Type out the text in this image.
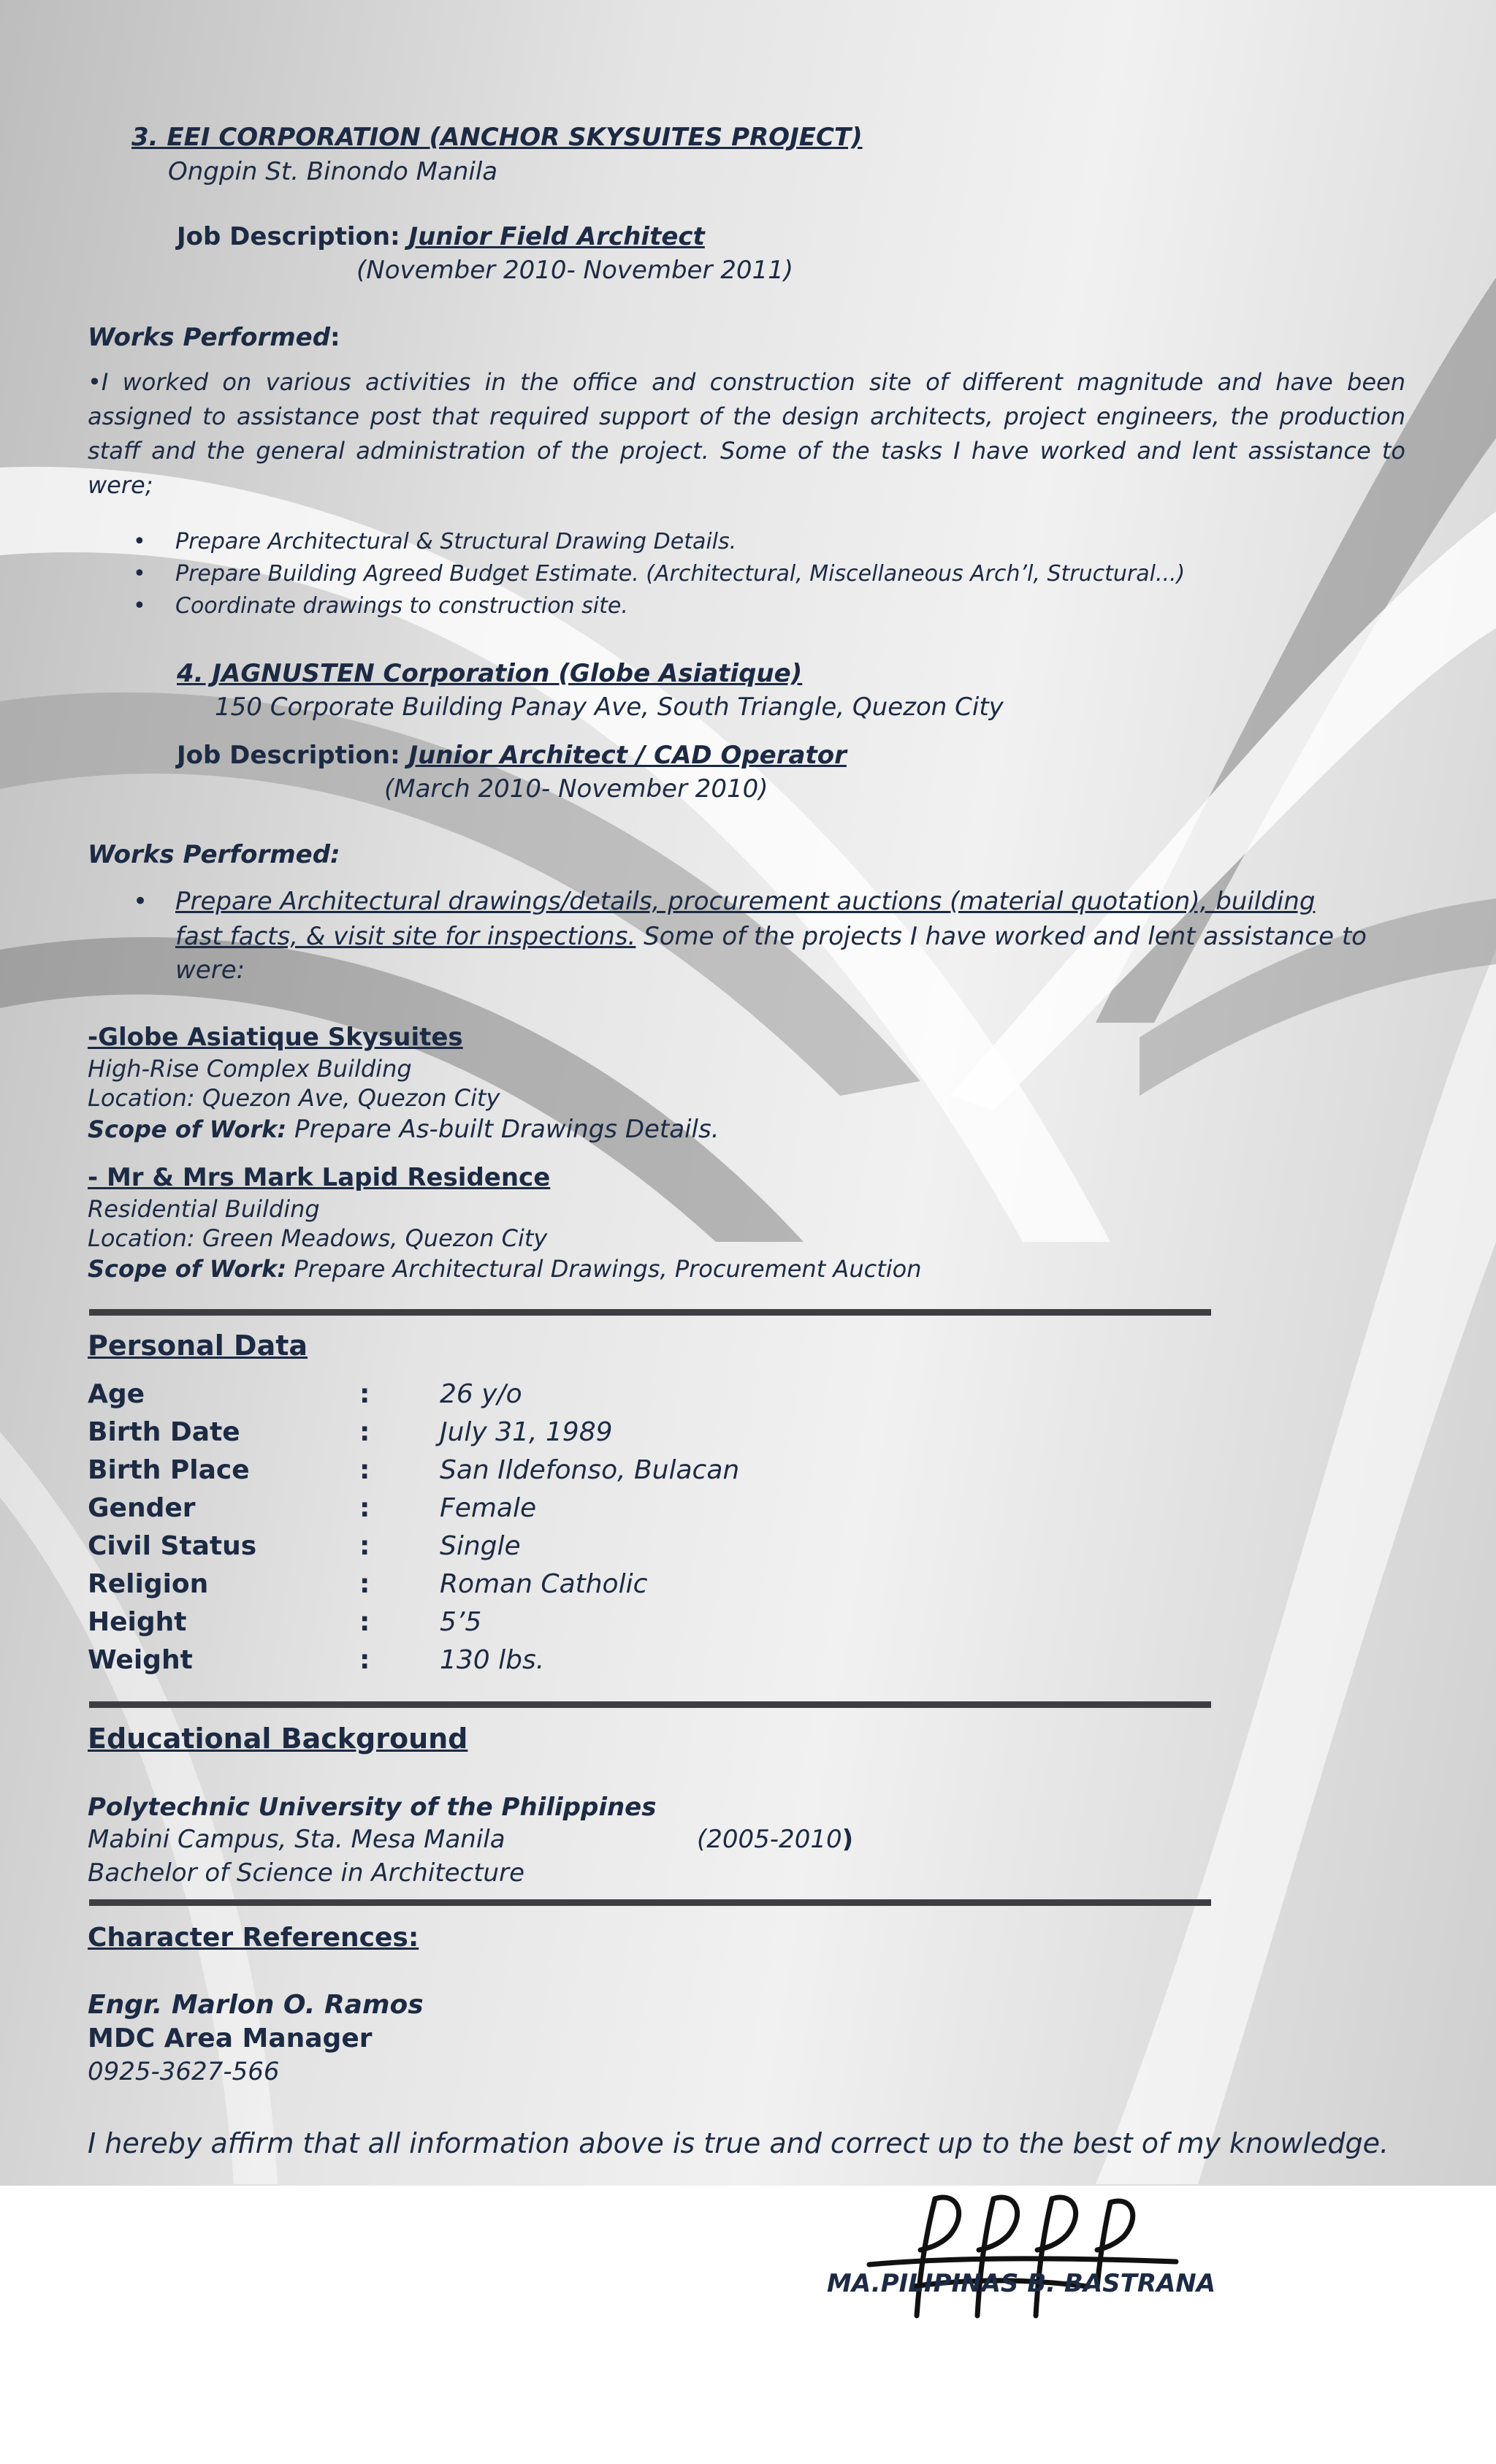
3. EEI CORPORATION (ANCHOR SKYSUITES PROJECT)
Ongpin St. Binondo Manila
Job Description: Junior Field Architect
(November 2010- November 2011)
Works Performed:
•I worked on various activities in the office and construction site of different magnitude and have been assigned to assistance post that required support of the design architects, project engineers, the production staff and the general administration of the project. Some of the tasks I have worked and lent assistance to were;
• Prepare Architectural & Structural Drawing Details.
• Prepare Building Agreed Budget Estimate. (Architectural, Miscellaneous Arch’l, Structural...)
• Coordinate drawings to construction site.
4. JAGNUSTEN Corporation (Globe Asiatique)
150 Corporate Building Panay Ave, South Triangle, Quezon City
Job Description: Junior Architect / CAD Operator
(March 2010- November 2010)
Works Performed:
• Prepare Architectural drawings/details, procurement auctions (material quotation), building
fast facts, & visit site for inspections. Some of the projects I have worked and lent assistance to
were:
-Globe Asiatique Skysuites
High-Rise Complex Building
Location: Quezon Ave, Quezon City
Scope of Work: Prepare As-built Drawings Details.
- Mr & Mrs Mark Lapid Residence
Residential Building
Location: Green Meadows, Quezon City
Scope of Work: Prepare Architectural Drawings, Procurement Auction
Personal Data
Age	:	26 y/o
Birth Date	:	July 31, 1989
Birth Place	:	San Ildefonso, Bulacan
Gender	:	Female
Civil Status	:	Single
Religion	:	Roman Catholic
Height	:	5’5
Weight	:	130 lbs.
Educational Background
Polytechnic University of the Philippines
Mabini Campus, Sta. Mesa Manila	(2005-2010)
Bachelor of Science in Architecture
Character References:
Engr. Marlon O. Ramos
MDC Area Manager
0925-3627-566
I hereby affirm that all information above is true and correct up to the best of my knowledge.
MA.PILIPINAS B. BASTRANA
